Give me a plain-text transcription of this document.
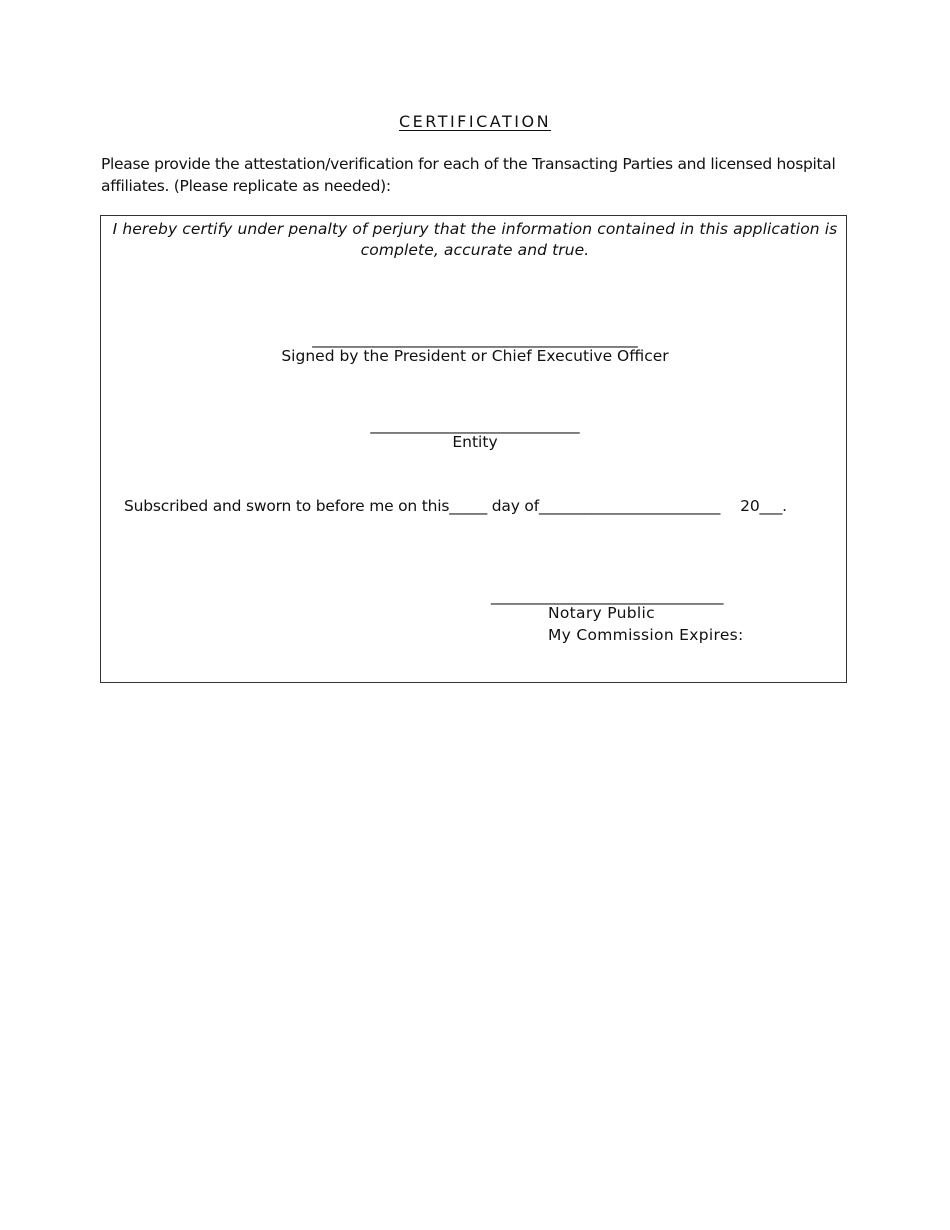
CERTIFICATION
Please provide the attestation/verification for each of the Transacting Parties and licensed hospital affiliates. (Please replicate as needed):
I hereby certify under penalty of perjury that the information contained in this application is complete, accurate and true.
__________________________________________
Signed by the President or Chief Executive Officer
___________________________
Entity
Subscribed and sworn to before me on this_____ day of________________________ 20___.
______________________________
Notary Public
My Commission Expires:
